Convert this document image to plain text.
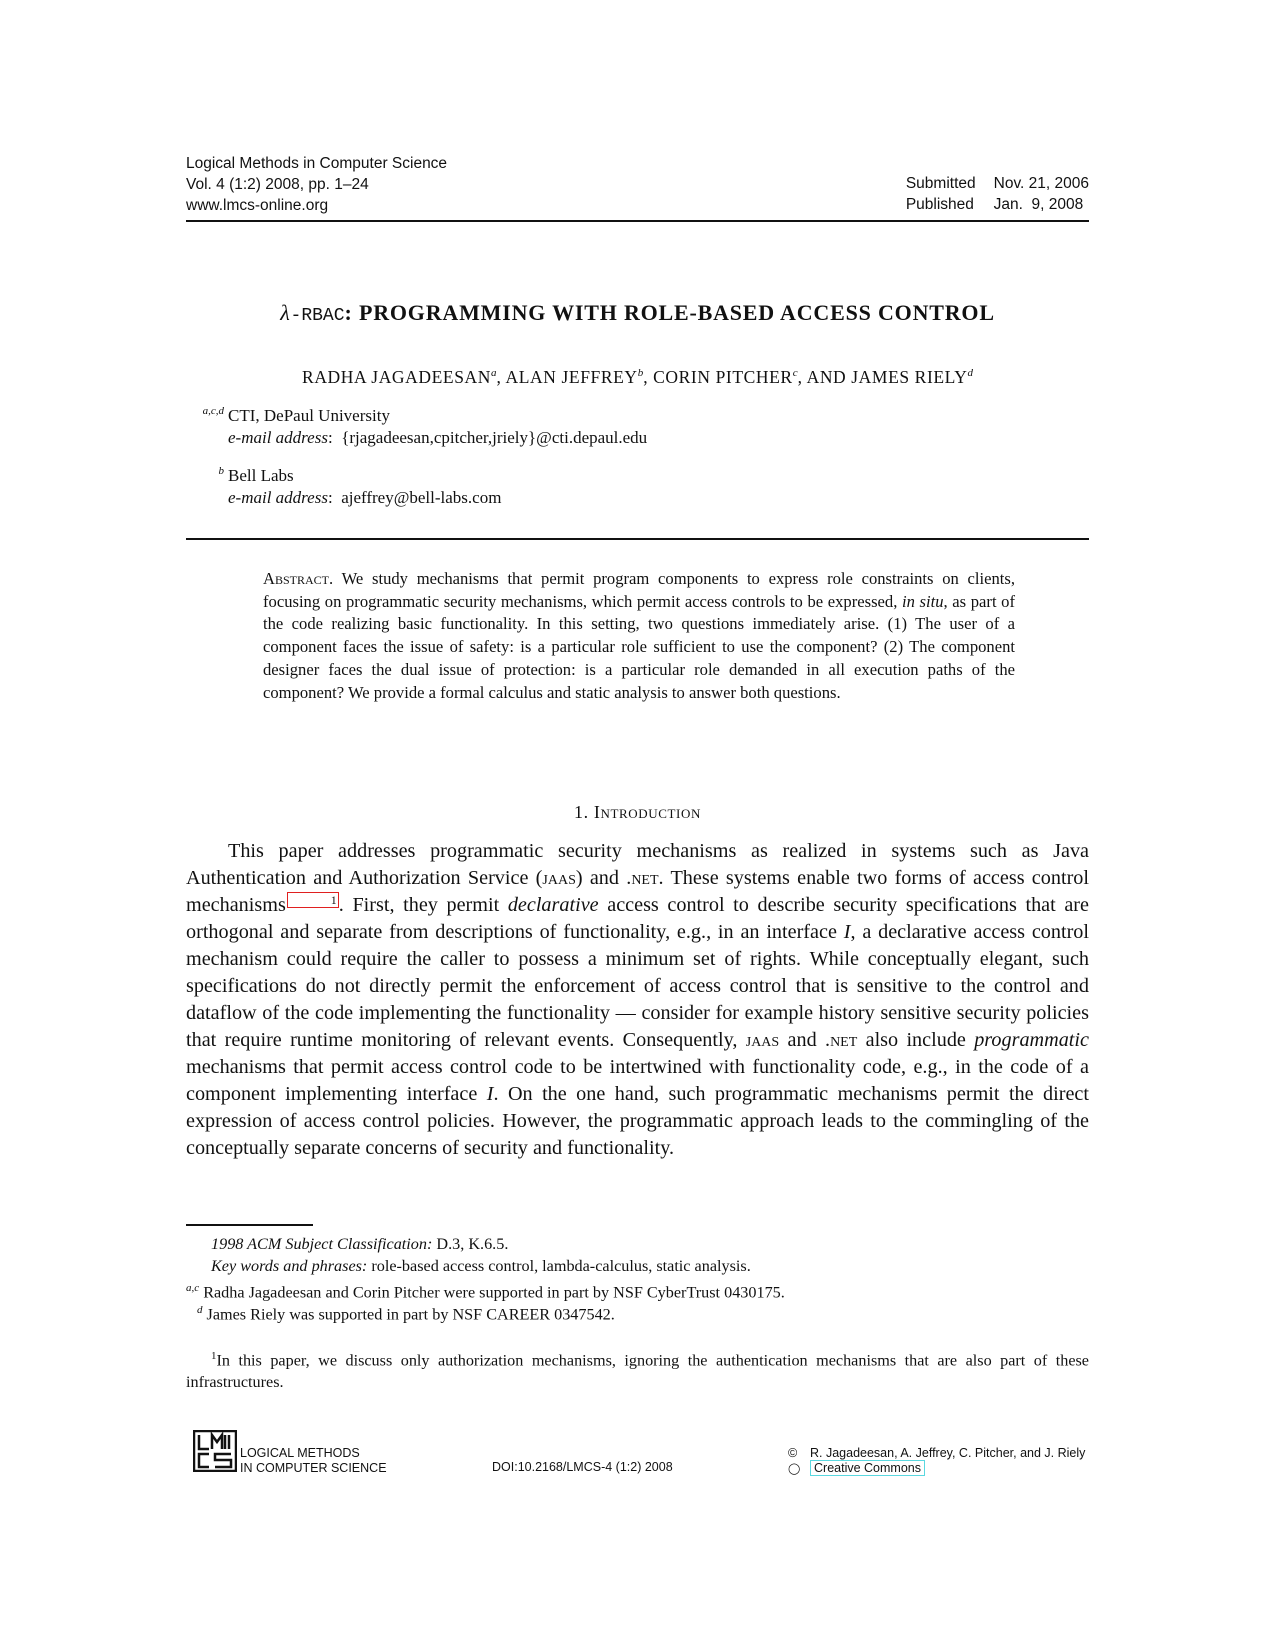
Logical Methods in Computer Science
Vol. 4 (1:2) 2008, pp. 1–24
www.lmcs-online.org
Submitted	Nov. 21, 2006
Published	Jan.  9, 2008
λ-RBAC: PROGRAMMING WITH ROLE-BASED ACCESS CONTROL
RADHA JAGADEESAN$^a$, ALAN JEFFREY$^b$, CORIN PITCHER$^c$, AND JAMES RIELY$^d$
a,c,d CTI, DePaul University
e-mail address:  {rjagadeesan,cpitcher,jriely}@cti.depaul.edu
b Bell Labs
e-mail address:  ajeffrey@bell-labs.com
Abstract. We study mechanisms that permit program components to express role constraints on clients, focusing on programmatic security mechanisms, which permit access controls to be expressed, in situ, as part of the code realizing basic functionality. In this setting, two questions immediately arise. (1) The user of a component faces the issue of safety: is a particular role sufficient to use the component? (2) The component designer faces the dual issue of protection: is a particular role demanded in all execution paths of the component? We provide a formal calculus and static analysis to answer both questions.
1. Introduction

This paper addresses programmatic security mechanisms as realized in systems such as Java Authentication and Authorization Service (jaas) and .net. These systems enable two forms of access control mechanisms	1. First, they permit declarative access control to describe security specifications that are orthogonal and separate from descriptions of functionality, e.g., in an interface I, a declarative access control mechanism could require the caller to possess a minimum set of rights. While conceptually elegant, such specifications do not directly permit the enforcement of access control that is sensitive to the control and dataflow of the code implementing the functionality — consider for example history sensitive security policies that require runtime monitoring of relevant events. Consequently, jaas and .net also include programmatic mechanisms that permit access control code to be intertwined with functionality code, e.g., in the code of a component implementing interface I. On the one hand, such programmatic mechanisms permit the direct expression of access control policies. However, the programmatic approach leads to the commingling of the conceptually separate concerns of security and functionality.

1998 ACM Subject Classification: D.3, K.6.5.
Key words and phrases: role-based access control, lambda-calculus, static analysis.
$^{a,c}$ Radha Jagadeesan and Corin Pitcher were supported in part by NSF CyberTrust 0430175.
$^d$ James Riely was supported in part by NSF CAREER 0347542.
$^1$In this paper, we discuss only authorization mechanisms, ignoring the authentication mechanisms that are also part of these infrastructures.
LOGICAL METHODS
IN COMPUTER SCIENCE	DOI:10.2168/LMCS-4 (1:2) 2008
© R. Jagadeesan, A. Jeffrey, C. Pitcher, and J. Riely
◯ Creative Commons
